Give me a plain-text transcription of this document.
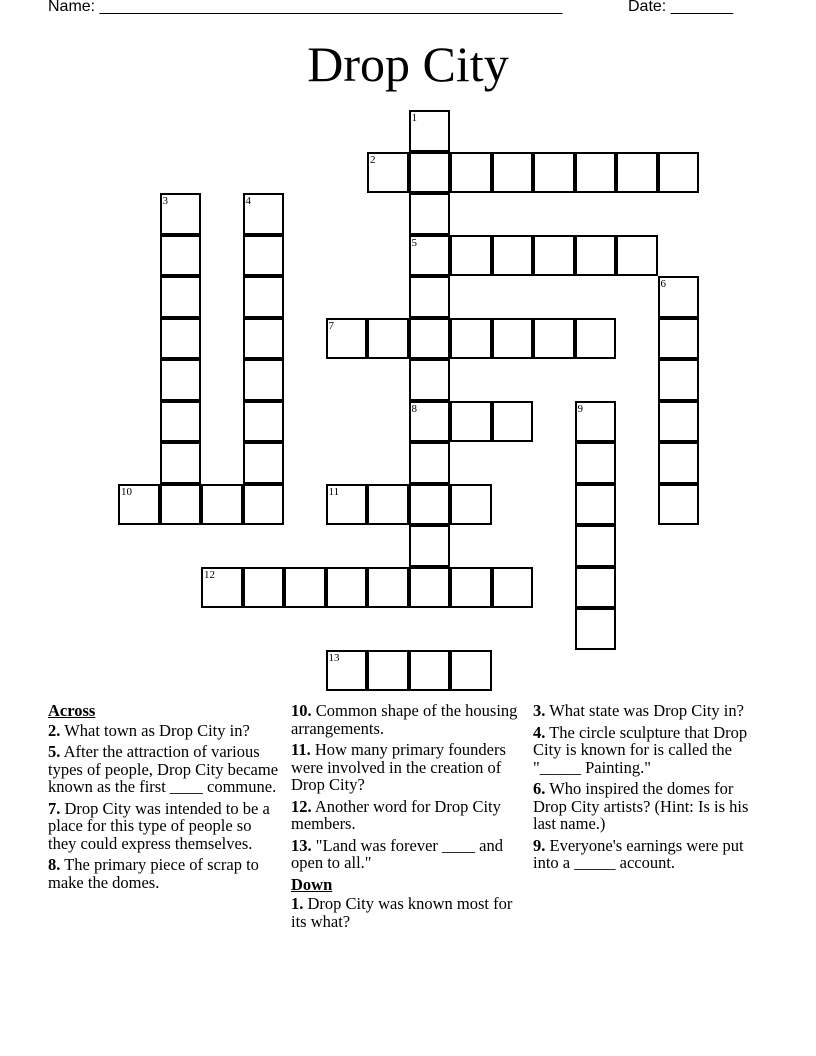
Name: ____________________________________________________	Date: _______
Drop City
1
5
8
2
3	4
6
7
9
10	11
12
13
Across
2. What town as Drop City in?
5. After the attraction of various types of people, Drop City became known as the first ____ commune.
7. Drop City was intended to be a place for this type of people so they could express themselves.
8. The primary piece of scrap to make the domes.
10. Common shape of the housing arrangements.
11. How many primary founders were involved in the creation of Drop City?
12. Another word for Drop City members.
13. "Land was forever ____ and open to all."
Down
1. Drop City was known most for its what?
3. What state was Drop City in?
4. The circle sculpture that Drop City is known for is called the "_____ Painting."
6. Who inspired the domes for Drop City artists? (Hint: Is is his last name.)
9. Everyone's earnings were put into a _____ account.
